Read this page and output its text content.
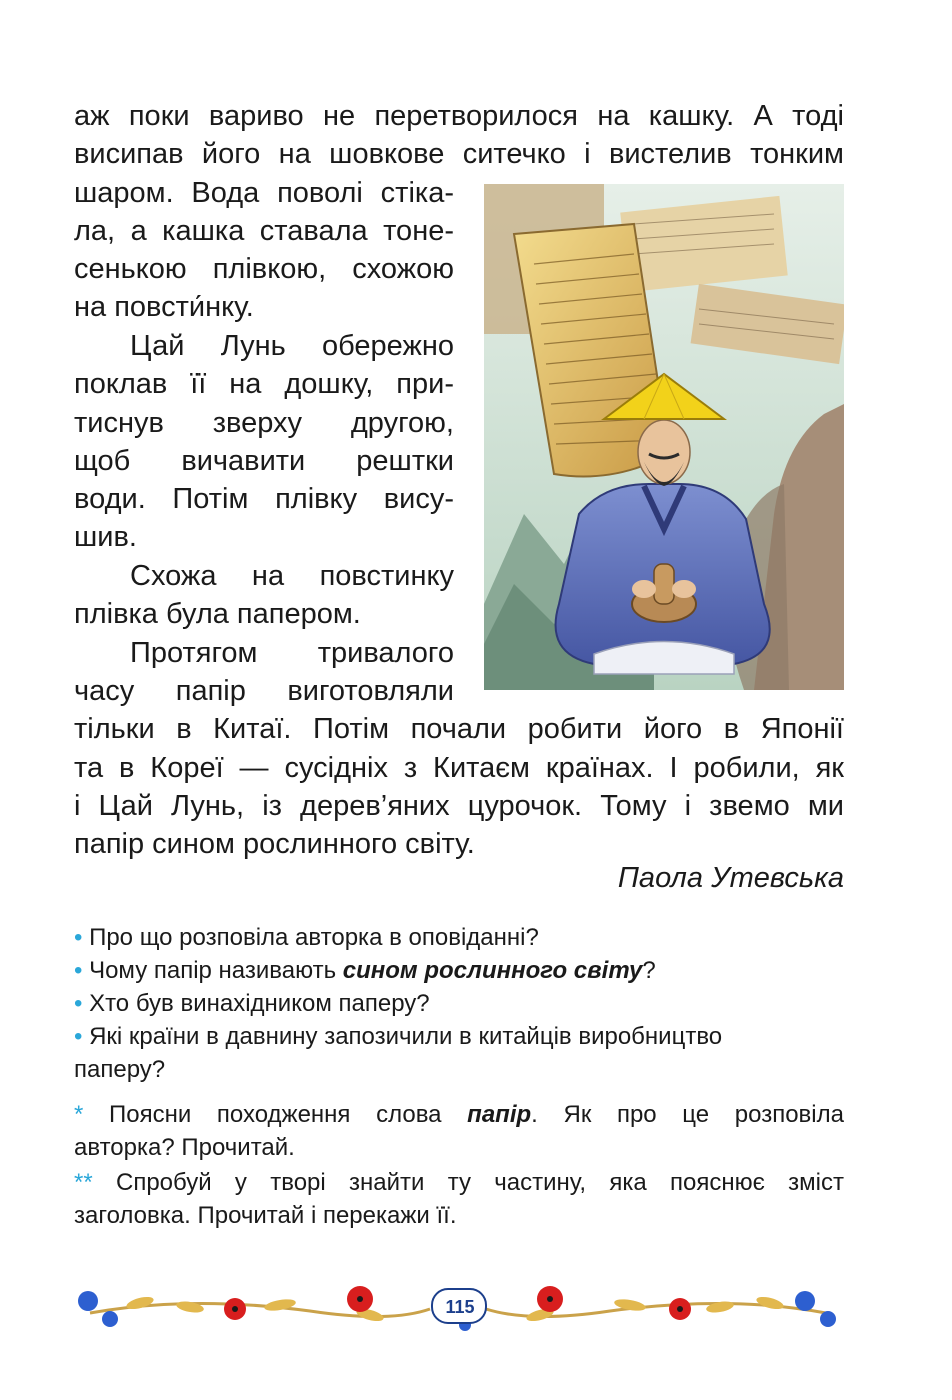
аж поки вариво не перетворилося на кашку. А тоді
висипав його на шовкове ситечко і вистелив тонким
шаром. Вода поволі стіка-
ла, а кашка ставала тоне-
сенькою плівкою, схожою
на повсти́нку.
Цай Лунь обережно
поклав її на дошку, при-
тиснув зверху другою,
щоб вичавити рештки
води. Потім плівку вису-
шив.
Схожа на повстинку
плівка була папером.
Протягом тривалого
часу папір виготовляли
тільки в Китаї. Потім почали робити його в Японії
та в Кореї — сусідніх з Китаєм країнах. І робили, як
і Цай Лунь, із дерев’яних цурочок. Тому і звемо ми
папір сином рослинного світу.
Паола Утевська
• Про що розповіла авторка в оповіданні?
• Чому папір називають сином рослинного світу?
• Хто був винахідником паперу?
• Які країни в давнину запозичили в китайців виробництво
паперу?
* Поясни походження слова папір. Як про це розповіла
авторка? Прочитай.
** Спробуй у творі знайти ту частину, яка пояснює зміст
заголовка. Прочитай і перекажи її.
115
